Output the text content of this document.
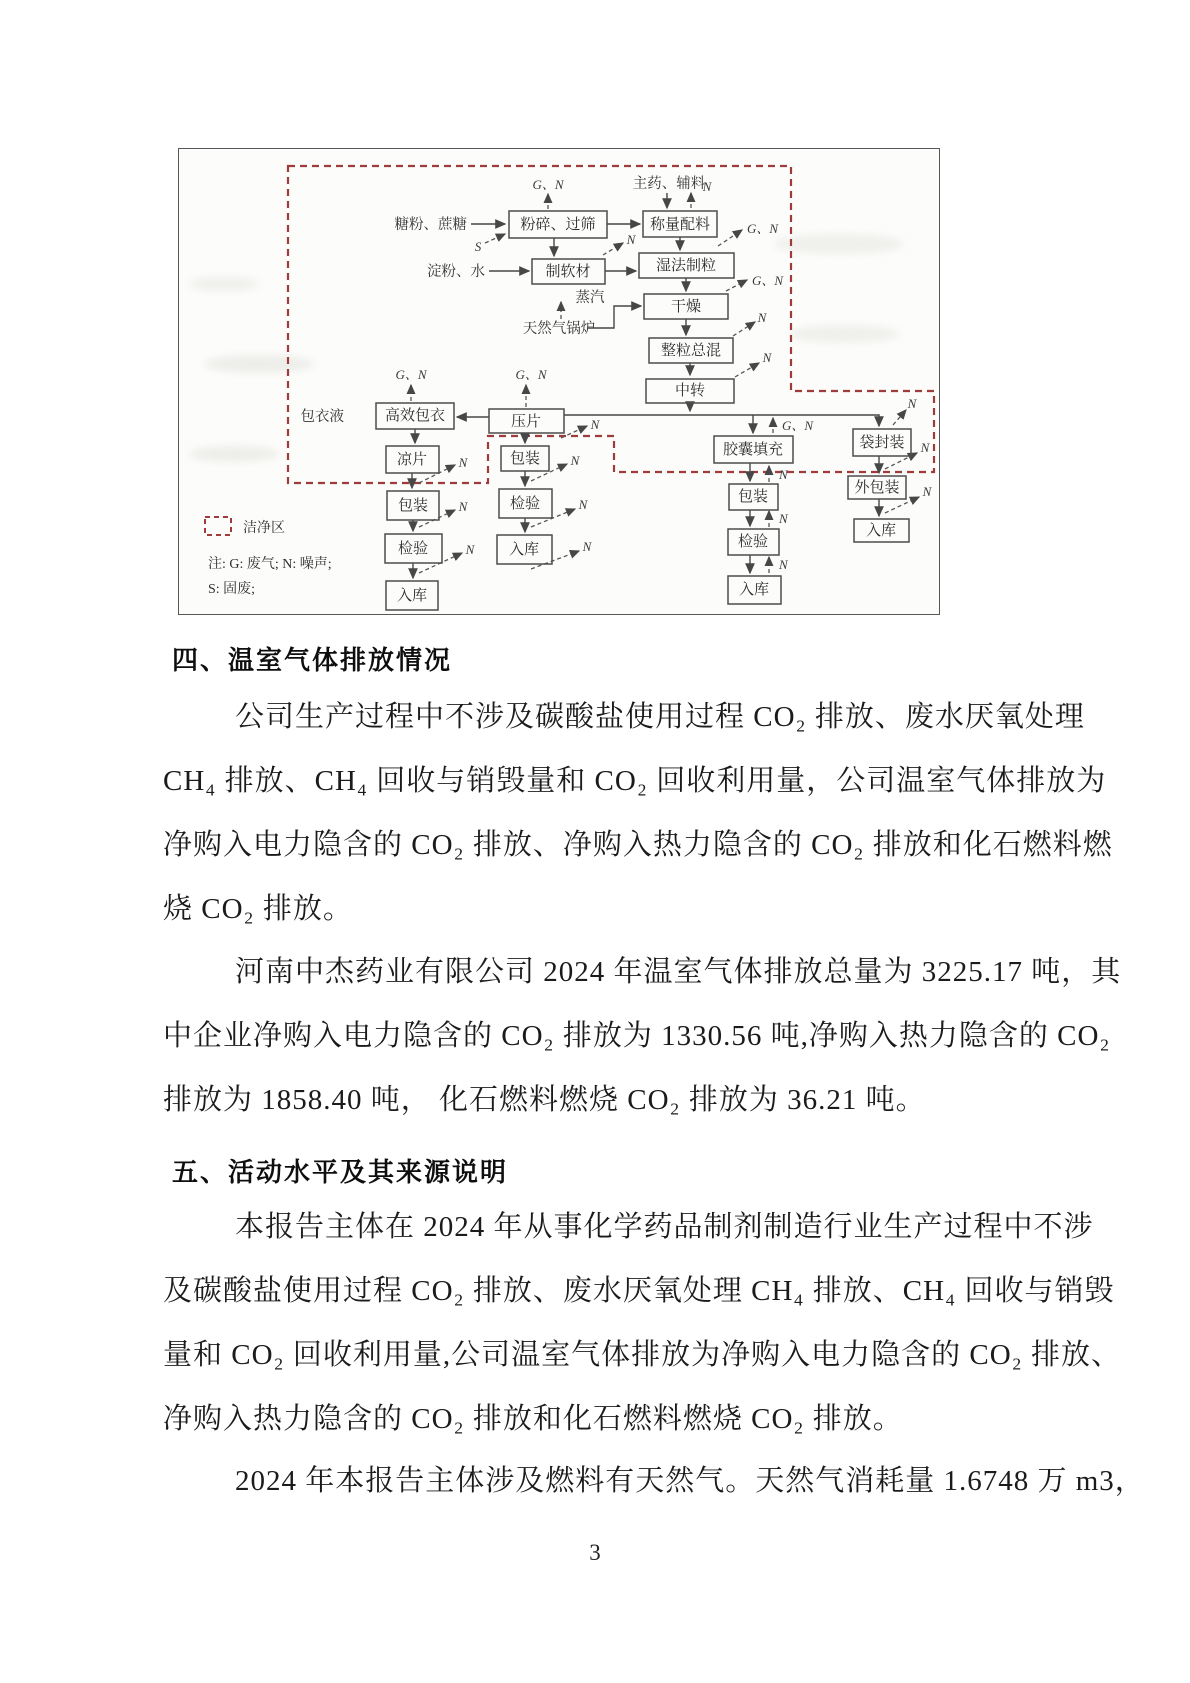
粉碎、过筛	称量配料
制软材	湿法制粒
干燥
整粒总混
中转
高效包衣	压片
凉片
包装
检验
入库
包装
检验
入库
胶囊填充
包装
检验
入库
袋封装
外包装
入库
糖粉、蔗糖
淀粉、水
包衣液
主药、辅料
蒸汽
天然气锅炉
G、N	N
S	N
G、N
G、N
N
N
G、N	G、N
N	G、N
N
N
N
N
N
N
N
N
N
N
N
N
洁净区
注: G: 废气; N: 噪声;
S: 固废;
四、温室气体排放情况
公司生产过程中不涉及碳酸盐使用过程 CO₂ 排放、废水厌氧处理
CH₄ 排放、CH₄ 回收与销毁量和 CO₂ 回收利用量，公司温室气体排放为
净购入电力隐含的 CO₂ 排放、净购入热力隐含的 CO₂ 排放和化石燃料燃
烧 CO₂ 排放。
河南中杰药业有限公司 2024 年温室气体排放总量为 3225.17 吨，其
中企业净购入电力隐含的 CO₂ 排放为 1330.56 吨,净购入热力隐含的 CO₂
排放为 1858.40 吨， 化石燃料燃烧 CO₂ 排放为 36.21 吨。
五、活动水平及其来源说明
本报告主体在 2024 年从事化学药品制剂制造行业生产过程中不涉
及碳酸盐使用过程 CO₂ 排放、废水厌氧处理 CH₄ 排放、CH₄ 回收与销毁
量和 CO₂ 回收利用量,公司温室气体排放为净购入电力隐含的 CO₂ 排放、
净购入热力隐含的 CO₂ 排放和化石燃料燃烧 CO₂ 排放。
2024 年本报告主体涉及燃料有天然气。天然气消耗量 1.6748 万 m3，
3
